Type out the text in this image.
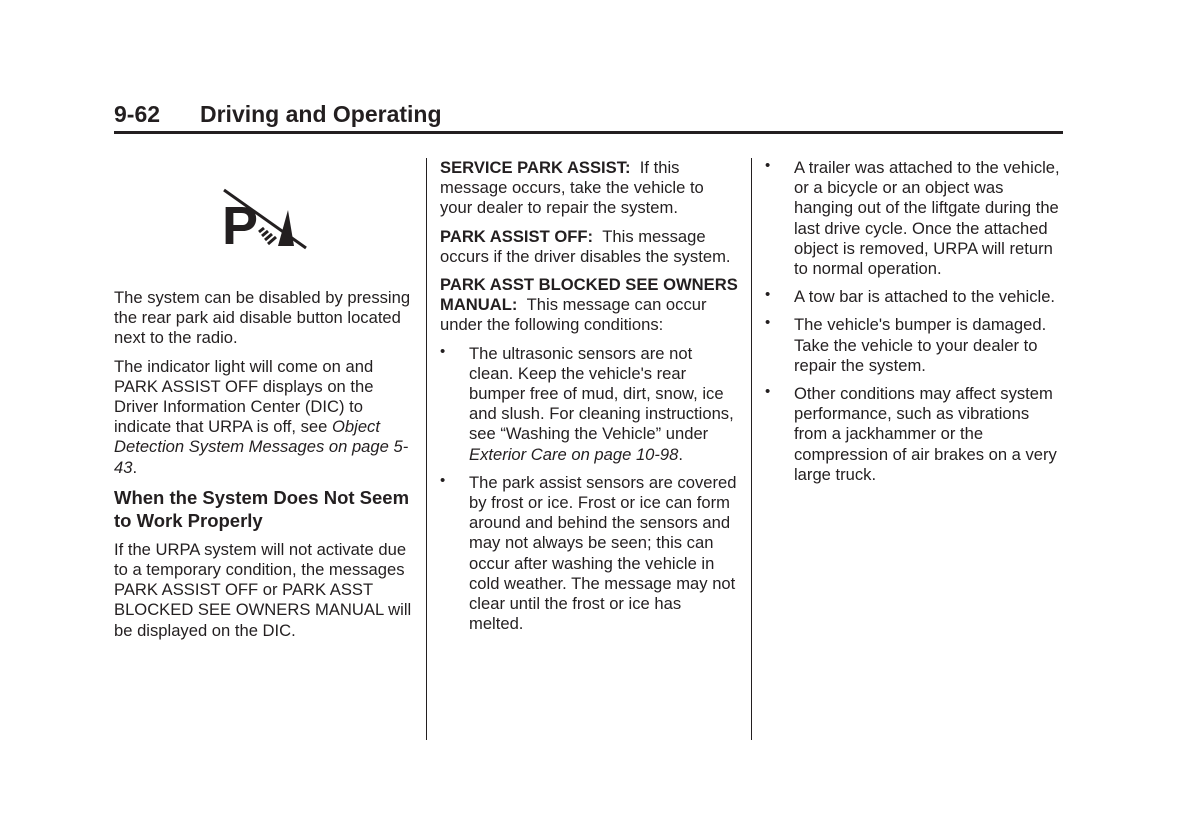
9-62 Driving and Operating
P

The system can be disabled by pressing the rear park aid disable button located next to the radio.

The indicator light will come on and PARK ASSIST OFF displays on the Driver Information Center (DIC) to indicate that URPA is off, see Object Detection System Messages on page 5-43.

When the System Does Not Seem to Work Properly

If the URPA system will not activate due to a temporary condition, the messages PARK ASSIST OFF or PARK ASST BLOCKED SEE OWNERS MANUAL will be displayed on the DIC.

SERVICE PARK ASSIST: If this message occurs, take the vehicle to your dealer to repair the system.

PARK ASSIST OFF: This message occurs if the driver disables the system.

PARK ASST BLOCKED SEE OWNERS MANUAL: This message can occur under the following conditions:

• The ultrasonic sensors are not clean. Keep the vehicle's rear bumper free of mud, dirt, snow, ice and slush. For cleaning instructions, see “Washing the Vehicle” under Exterior Care on page 10-98.
• The park assist sensors are covered by frost or ice. Frost or ice can form around and behind the sensors and may not always be seen; this can occur after washing the vehicle in cold weather. The message may not clear until the frost or ice has melted.
• A trailer was attached to the vehicle, or a bicycle or an object was hanging out of the liftgate during the last drive cycle. Once the attached object is removed, URPA will return to normal operation.
• A tow bar is attached to the vehicle.
• The vehicle's bumper is damaged. Take the vehicle to your dealer to repair the system.
• Other conditions may affect system performance, such as vibrations from a jackhammer or the compression of air brakes on a very large truck.
